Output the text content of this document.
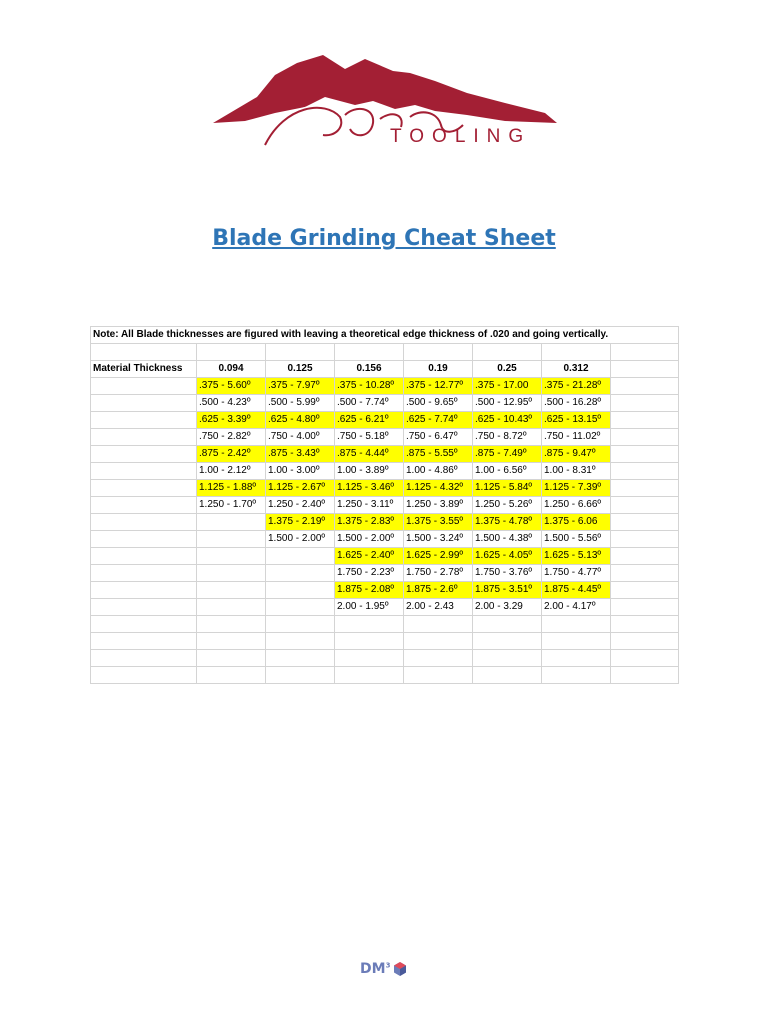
TOOLING
Blade Grinding Cheat Sheet
Note: All Blade thicknesses are figured with leaving a theoretical edge thickness of .020 and going vertically.							

Material Thickness	0.094	0.125	0.156	0.19	0.25	0.312	
	.375 - 5.60º	.375 - 7.97º	.375 - 10.28º	.375 - 12.77º	.375 - 17.00	.375 - 21.28º	
	.500 - 4.23º	.500 - 5.99º	.500 - 7.74º	.500 - 9.65º	.500 - 12.95º	.500 - 16.28º	
	.625 - 3.39º	.625 - 4.80º	.625 - 6.21º	.625 - 7.74º	.625 - 10.43º	.625 - 13.15º	
	.750 - 2.82º	.750 - 4.00º	.750 - 5.18º	.750 - 6.47º	.750 - 8.72º	.750 - 11.02º	
	.875 - 2.42º	.875 - 3.43º	.875 - 4.44º	.875 - 5.55º	.875 - 7.49º	.875 - 9.47º	
	1.00 - 2.12º	1.00 - 3.00º	1.00 - 3.89º	1.00 - 4.86º	1.00 - 6.56º	1.00 - 8.31º	
	1.125 - 1.88º	1.125 - 2.67º	1.125 - 3.46º	1.125 - 4.32º	1.125 - 5.84º	1.125 - 7.39º	
	1.250 - 1.70º	1.250 - 2.40º	1.250 - 3.11º	1.250 - 3.89º	1.250 - 5.26º	1.250 - 6.66º	
		1.375 - 2.19º	1.375 - 2.83º	1.375 - 3.55º	1.375 - 4.78º	1.375 - 6.06	
		1.500 - 2.00º	1.500 - 2.00º	1.500 - 3.24º	1.500 - 4.38º	1.500 - 5.56º	
			1.625 - 2.40º	1.625 - 2.99º	1.625 - 4.05º	1.625 - 5.13º	
			1.750 - 2.23º	1.750 - 2.78º	1.750 - 3.76º	1.750 - 4.77º	
			1.875 - 2.08º	1.875 - 2.6º	1.875 - 3.51º	1.875 - 4.45º	
			2.00 - 1.95º	2.00 - 2.43	2.00 - 3.29	2.00 - 4.17º	

$DM^3$
